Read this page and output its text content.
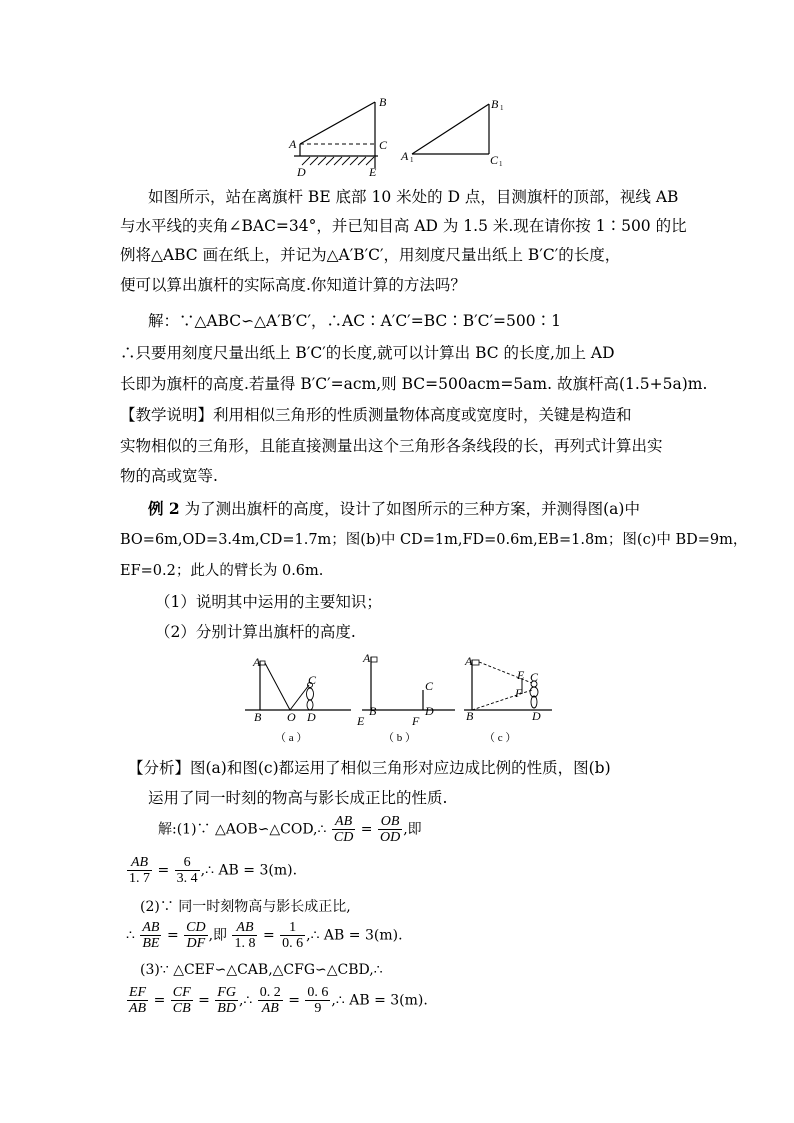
B
A	C
D	E
B 1
A 1	C 1
如图所示，站在离旗杆 BE 底部 10 米处的 D 点，目测旗杆的顶部，视线 AB
与水平线的夹角∠BAC=34°，并已知目高 AD 为 1.5 米.现在请你按 1∶500 的比
例将△ABC 画在纸上，并记为△A′B′C′，用刻度尺量出纸上 B′C′的长度，
便可以算出旗杆的实际高度.你知道计算的方法吗？
解：∵△ABC∽△A′B′C′，∴AC∶A′C′=BC∶B′C′=500∶1
∴只要用刻度尺量出纸上 B′C′的长度,就可以计算出 BC 的长度,加上 AD
长即为旗杆的高度.若量得 B′C′=acm,则 BC=500acm=5am. 故旗杆高(1.5+5a)m.
【教学说明】利用相似三角形的性质测量物体高度或宽度时，关键是构造和
实物相似的三角形，且能直接测量出这个三角形各条线段的长，再列式计算出实
物的高或宽等.
例 2 为了测出旗杆的高度，设计了如图所示的三种方案，并测得图(a)中
BO=6m,OD=3.4m,CD=1.7m；图(b)中 CD=1m,FD=0.6m,EB=1.8m；图(c)中 BD=9m，
EF=0.2；此人的臂长为 0.6m.
（1）说明其中运用的主要知识；
（2）分别计算出旗杆的高度.
A
B O
C
D
（ a ）
A
B
E
C
D
F
（ b ）
A
B
E
F
C
D
（ c ）
【分析】图(a)和图(c)都运用了相似三角形对应边成比例的性质，图(b)
运用了同一时刻的物高与影长成正比的性质.
解:(1)∵ △AOB∽△COD,∴ $\frac{AB}{CD} = \frac{OB}{OD}$ ,即
$\frac{AB}{1. 7} = \frac{6}{3. 4}$ ,∴ AB = 3(m).
(2)∵ 同一时刻物高与影长成正比,
∴ $\frac{AB}{BE} = \frac{CD}{DF}$ ,即 $\frac{AB}{1. 8} = \frac{1}{0. 6}$ ,∴ AB = 3(m).
(3)∵ △CEF∽△CAB,△CFG∽△CBD,∴
$\frac{EF}{AB} = \frac{CF}{CB} = \frac{FG}{BD}$ ,∴ $\frac{0. 2}{AB} = \frac{0. 6}{9}$ ,∴ AB = 3(m).
